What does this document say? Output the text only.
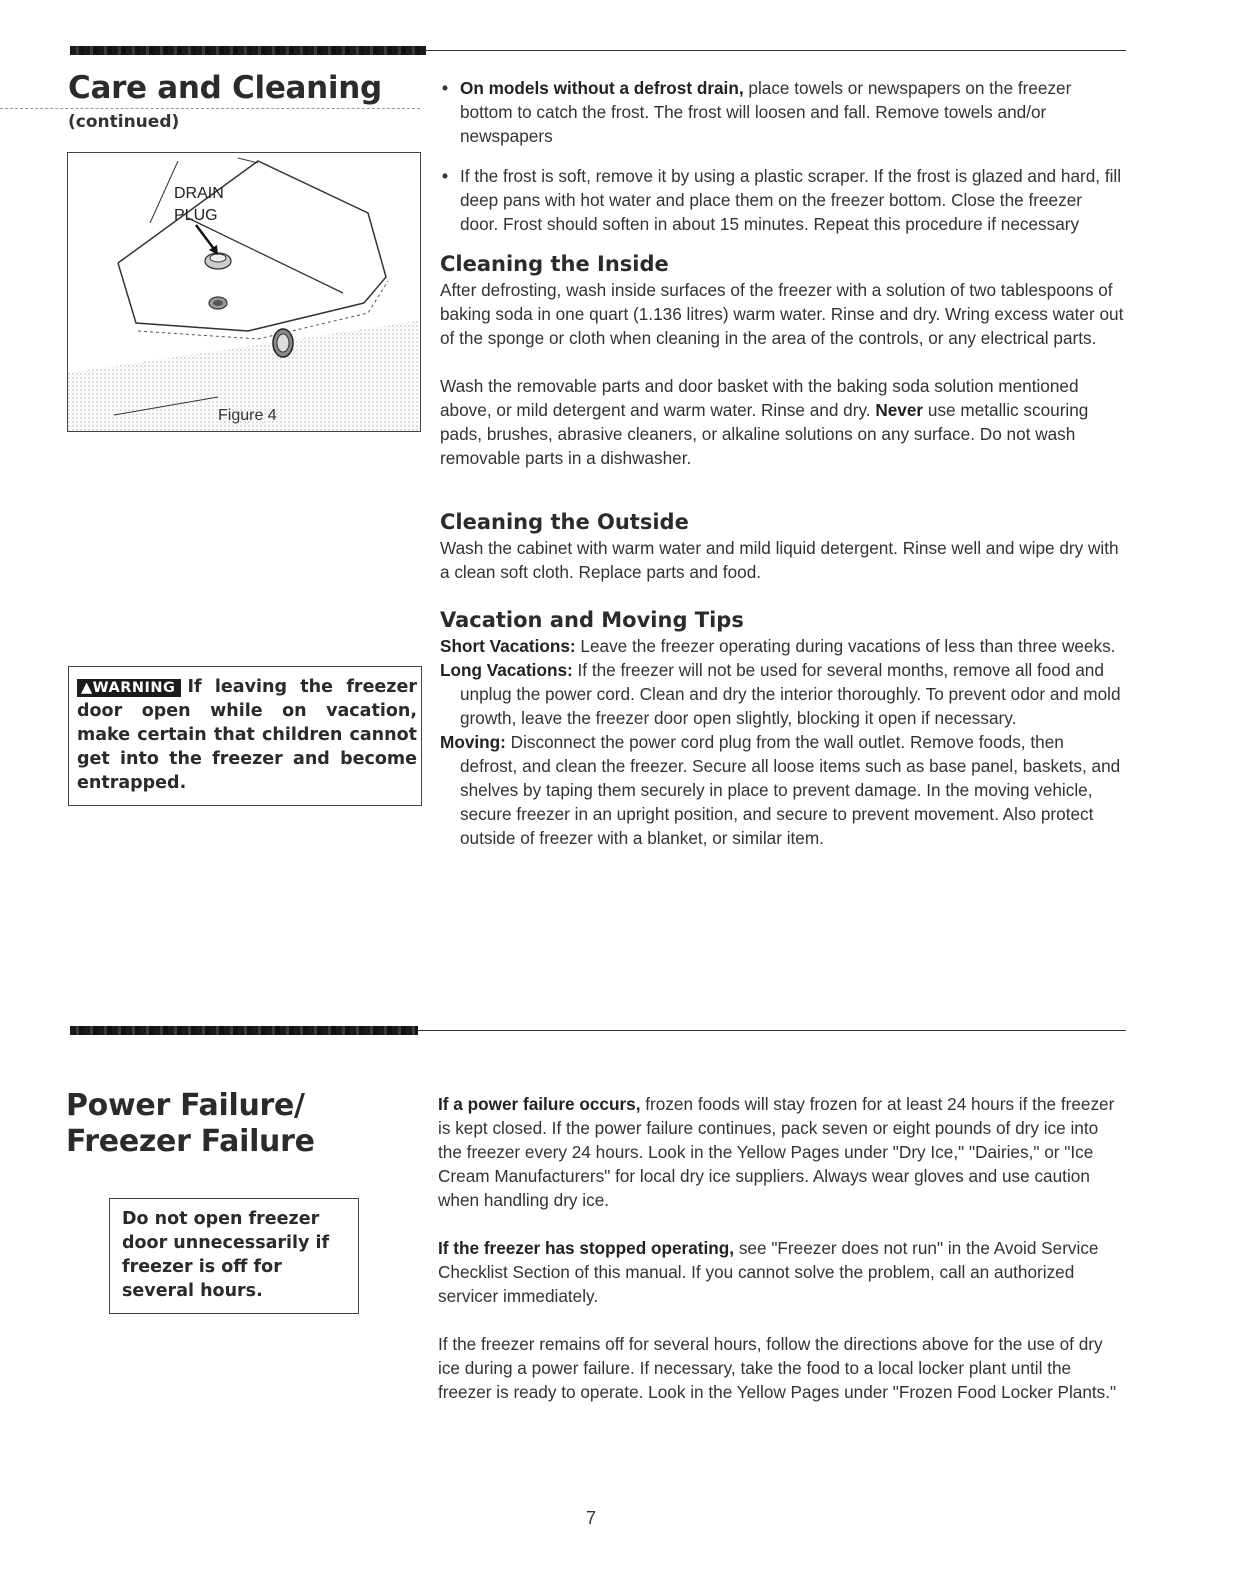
Care and Cleaning
(continued)
DRAIN
PLUG
Figure 4
▲WARNING If leaving the freezer door open while on vacation, make certain that children cannot get into the freezer and become entrapped.
• On models without a defrost drain, place towels or newspapers on the freezer bottom to catch the frost. The frost will loosen and fall. Remove towels and/or newspapers
• If the frost is soft, remove it by using a plastic scraper. If the frost is glazed and hard, fill deep pans with hot water and place them on the freezer bottom. Close the freezer door. Frost should soften in about 15 minutes. Repeat this procedure if necessary
Cleaning the Inside

After defrosting, wash inside surfaces of the freezer with a solution of two tablespoons of baking soda in one quart (1.136 litres) warm water. Rinse and dry. Wring excess water out of the sponge or cloth when cleaning in the area of the controls, or any electrical parts.

Wash the removable parts and door basket with the baking soda solution mentioned above, or mild detergent and warm water. Rinse and dry. Never use metallic scouring pads, brushes, abrasive cleaners, or alkaline solutions on any surface. Do not wash removable parts in a dishwasher.

Cleaning the Outside

Wash the cabinet with warm water and mild liquid detergent. Rinse well and wipe dry with a clean soft cloth. Replace parts and food.

Vacation and Moving Tips

Short Vacations: Leave the freezer operating during vacations of less than three weeks.

Long Vacations: If the freezer will not be used for several months, remove all food and unplug the power cord. Clean and dry the interior thoroughly. To prevent odor and mold growth, leave the freezer door open slightly, blocking it open if necessary.

Moving: Disconnect the power cord plug from the wall outlet. Remove foods, then defrost, and clean the freezer. Secure all loose items such as base panel, baskets, and shelves by taping them securely in place to prevent damage. In the moving vehicle, secure freezer in an upright position, and secure to prevent movement. Also protect outside of freezer with a blanket, or similar item.

Power Failure/
Freezer Failure
Do not open freezer door unnecessarily if freezer is off for several hours.

If a power failure occurs, frozen foods will stay frozen for at least 24 hours if the freezer is kept closed. If the power failure continues, pack seven or eight pounds of dry ice into the freezer every 24 hours. Look in the Yellow Pages under "Dry Ice," "Dairies," or "Ice Cream Manufacturers" for local dry ice suppliers. Always wear gloves and use caution when handling dry ice.

If the freezer has stopped operating, see "Freezer does not run" in the Avoid Service Checklist Section of this manual. If you cannot solve the problem, call an authorized servicer immediately.

If the freezer remains off for several hours, follow the directions above for the use of dry ice during a power failure. If necessary, take the food to a local locker plant until the freezer is ready to operate. Look in the Yellow Pages under "Frozen Food Locker Plants."

7
